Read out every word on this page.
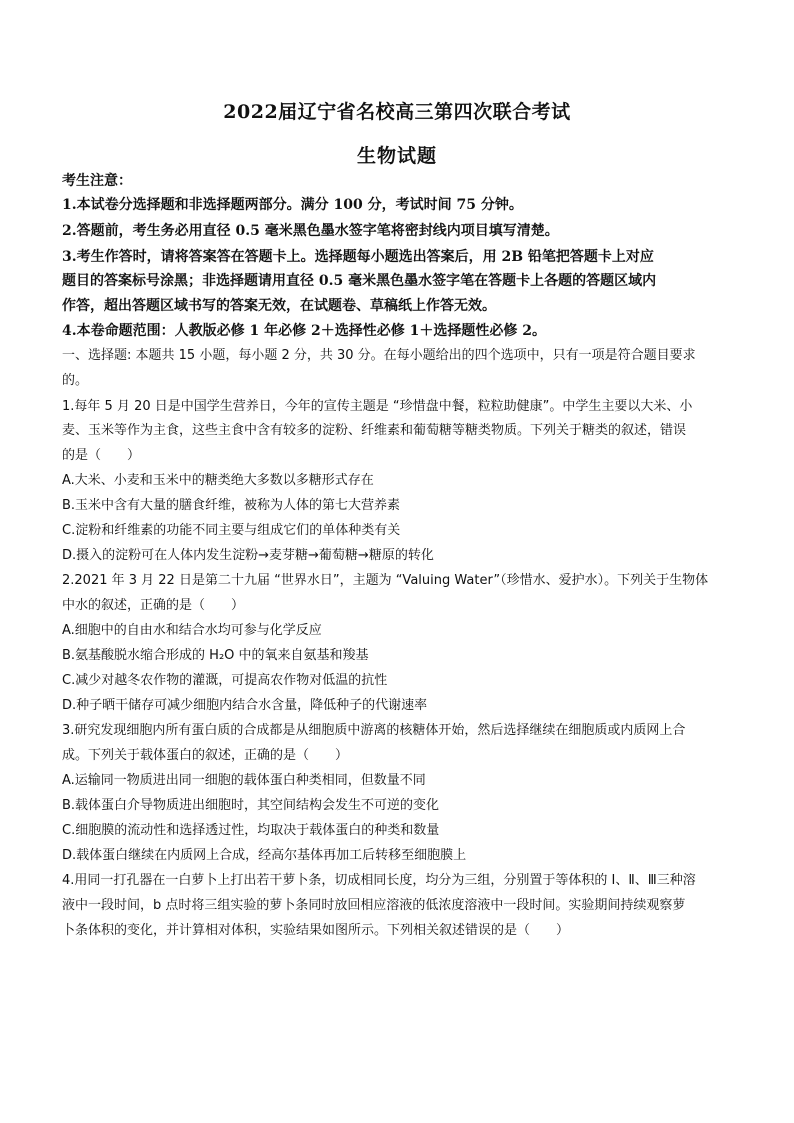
2022届辽宁省名校高三第四次联合考试
生物试题
考生注意：
1.本试卷分选择题和非选择题两部分。满分 100 分，考试时间 75 分钟。
2.答题前，考生务必用直径 0.5 毫米黑色墨水签字笔将密封线内项目填写清楚。
3.考生作答时，请将答案答在答题卡上。选择题每小题选出答案后，用 2B 铅笔把答题卡上对应
题目的答案标号涂黑；非选择题请用直径 0.5 毫米黑色墨水签字笔在答题卡上各题的答题区域内
作答，超出答题区域书写的答案无效，在试题卷、草稿纸上作答无效。
4.本卷命题范围：人教版必修 1 年必修 2＋选择性必修 1＋选择题性必修 2。
一、选择题: 本题共 15 小题，每小题 2 分，共 30 分。在每小题给出的四个选项中，只有一项是符合题目要求
的。
1.每年 5 月 20 日是中国学生营养日，今年的宣传主题是 “珍惜盘中餐，粒粒助健康”。中学生主要以大米、小
麦、玉米等作为主食，这些主食中含有较多的淀粉、纤维素和葡萄糖等糖类物质。下列关于糖类的叙述，错误
的是（　　）
A.大米、小麦和玉米中的糖类绝大多数以多糖形式存在
B.玉米中含有大量的膳食纤维，被称为人体的第七大营养素
C.淀粉和纤维素的功能不同主要与组成它们的单体种类有关
D.摄入的淀粉可在人体内发生淀粉→麦芽糖→葡萄糖→糖原的转化
2.2021 年 3 月 22 日是第二十九届 “世界水日”，主题为 “Valuing Water”（珍惜水、爱护水）。下列关于生物体
中水的叙述，正确的是（　　）
A.细胞中的自由水和结合水均可参与化学反应
B.氨基酸脱水缩合形成的 H₂O 中的氧来自氨基和羧基
C.减少对越冬农作物的灌溉，可提高农作物对低温的抗性
D.种子晒干储存可减少细胞内结合水含量，降低种子的代谢速率
3.研究发现细胞内所有蛋白质的合成都是从细胞质中游离的核糖体开始，然后选择继续在细胞质或内质网上合
成。下列关于载体蛋白的叙述，正确的是（　　）
A.运输同一物质进出同一细胞的载体蛋白种类相同，但数量不同
B.载体蛋白介导物质进出细胞时，其空间结构会发生不可逆的变化
C.细胞膜的流动性和选择透过性，均取决于载体蛋白的种类和数量
D.载体蛋白继续在内质网上合成，经高尔基体再加工后转移至细胞膜上
4.用同一打孔器在一白萝卜上打出若干萝卜条，切成相同长度，均分为三组，分别置于等体积的 Ⅰ、Ⅱ、Ⅲ三种溶
液中一段时间，b 点时将三组实验的萝卜条同时放回相应溶液的低浓度溶液中一段时间。实验期间持续观察萝
卜条体积的变化，并计算相对体积，实验结果如图所示。下列相关叙述错误的是（　　）
